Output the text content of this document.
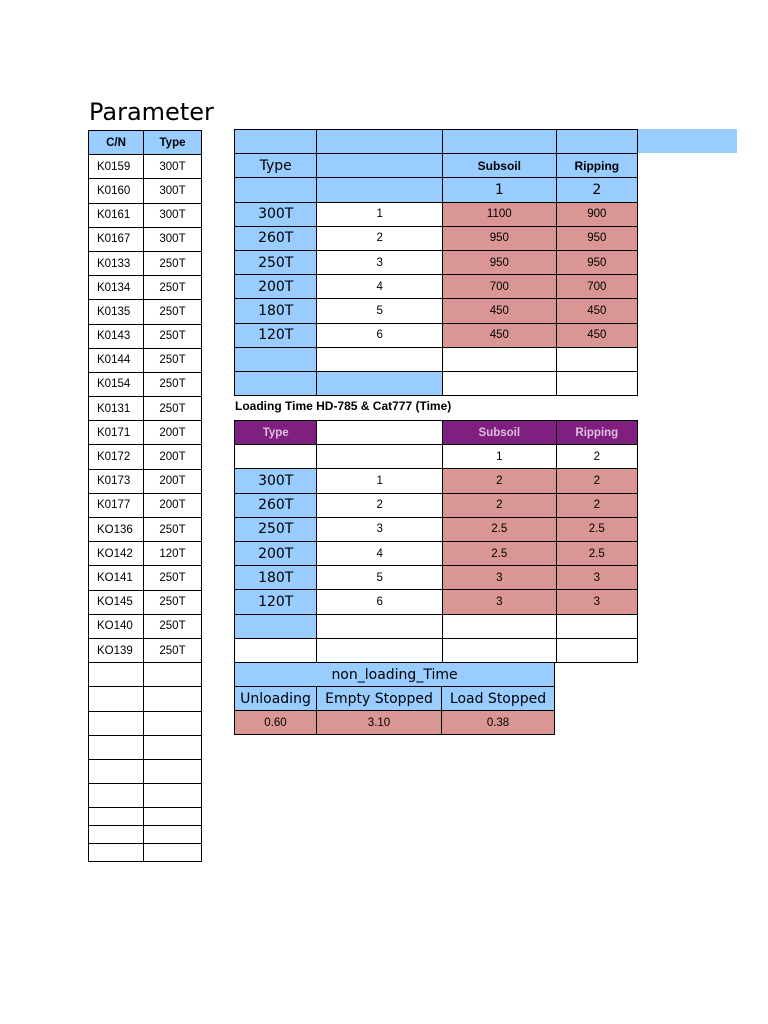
Parameter
C/N	Type
K0159	300T
K0160	300T
K0161	300T
K0167	300T
K0133	250T
K0134	250T
K0135	250T
K0143	250T
K0144	250T
K0154	250T
K0131	250T
K0171	200T
K0172	200T
K0173	200T
K0177	200T
KO136	250T
KO142	120T
KO141	250T
KO145	250T
KO140	250T
KO139	250T

Type		Subsoil	Ripping
		1	2
300T	1	1100	900
260T	2	950	950
250T	3	950	950
200T	4	700	700
180T	5	450	450
120T	6	450	450

Loading Time HD-785 & Cat777 (Time)
Type		Subsoil	Ripping
		1	2
300T	1	2	2
260T	2	2	2
250T	3	2.5	2.5
200T	4	2.5	2.5
180T	5	3	3
120T	6	3	3

non_loading_Time		
Unloading	Empty Stopped	Load Stopped
0.60	3.10	0.38
